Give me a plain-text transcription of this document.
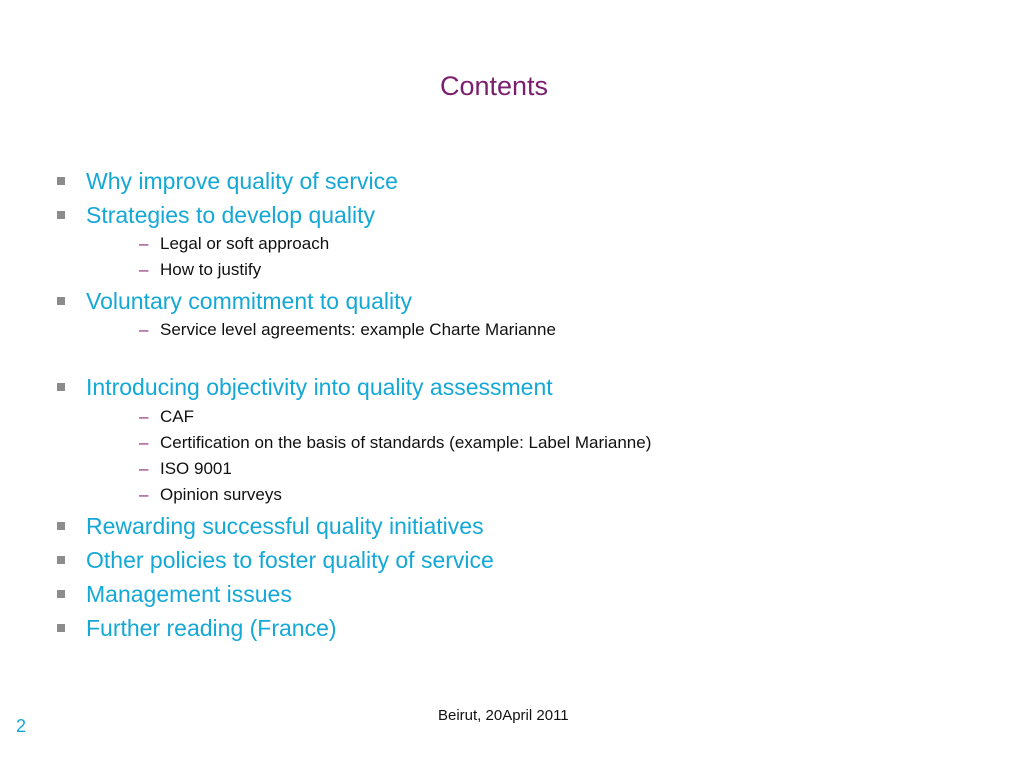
Contents
Why improve quality of service
Strategies to develop quality
– Legal or soft approach
– How to justify
Voluntary commitment to quality
– Service level agreements: example Charte Marianne
Introducing objectivity into quality assessment
– CAF
– Certification on the basis of standards (example: Label Marianne)
– ISO 9001
– Opinion surveys
Rewarding successful quality initiatives
Other policies to foster quality of service
Management issues
Further reading (France)
Beirut, 20April 2011
2
